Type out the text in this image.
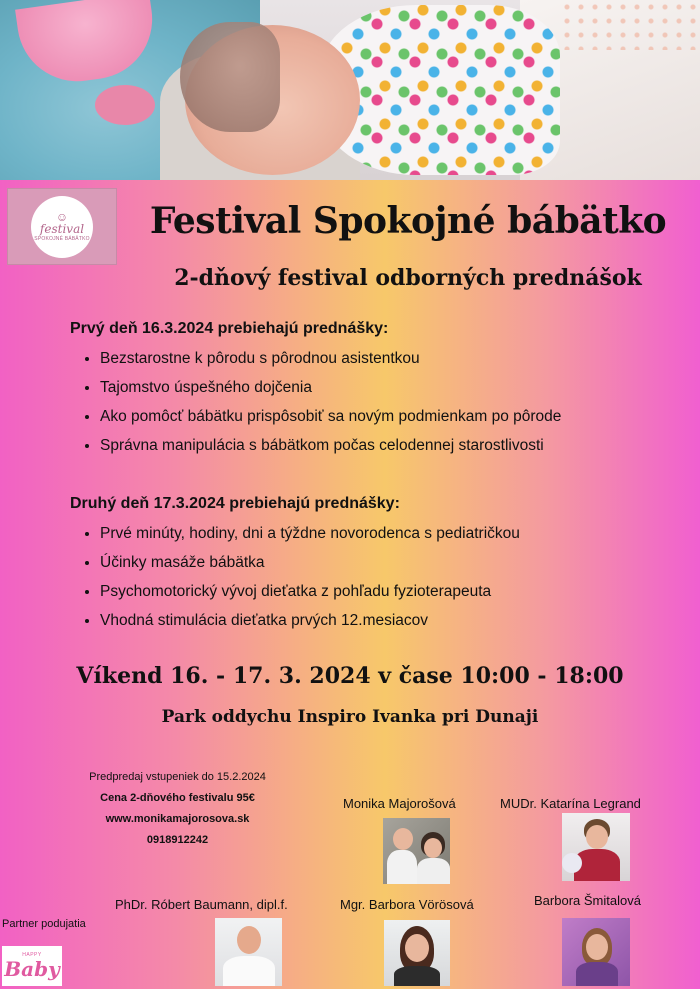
☺
festival
SPOKOJNÉ BÁBÄTKO	Festival Spokojné bábätko
2-dňový festival odborných prednášok
Prvý deň 16.3.2024 prebiehajú prednášky:
• Bezstarostne k pôrodu s pôrodnou asistentkou
• Tajomstvo úspešného dojčenia
• Ako pomôcť bábätku prispôsobiť sa novým podmienkam po pôrode
• Správna manipulácia s bábätkom počas celodennej starostlivosti
Druhý deň 17.3.2024 prebiehajú prednášky:
• Prvé minúty, hodiny, dni a týždne novorodenca s pediatričkou
• Účinky masáže bábätka
• Psychomotorický vývoj dieťatka z pohľadu fyzioterapeuta
• Vhodná stimulácia dieťatka prvých 12.mesiacov

Víkend 16. - 17. 3. 2024 v čase 10:00 - 18:00

Park oddychu Inspiro Ivanka pri Dunaji

Predpredaj vstupeniek do 15.2.2024
Cena 2-dňového festivalu 95€
www.monikamajorosova.sk
0918912242
Monika Majorošová	MUDr. Katarína Legrand
PhDr. Róbert Baumann, dipl.f.	Mgr. Barbora Vörösová	Barbora Šmitalová
Partner podujatia
HAPPY
Baby
